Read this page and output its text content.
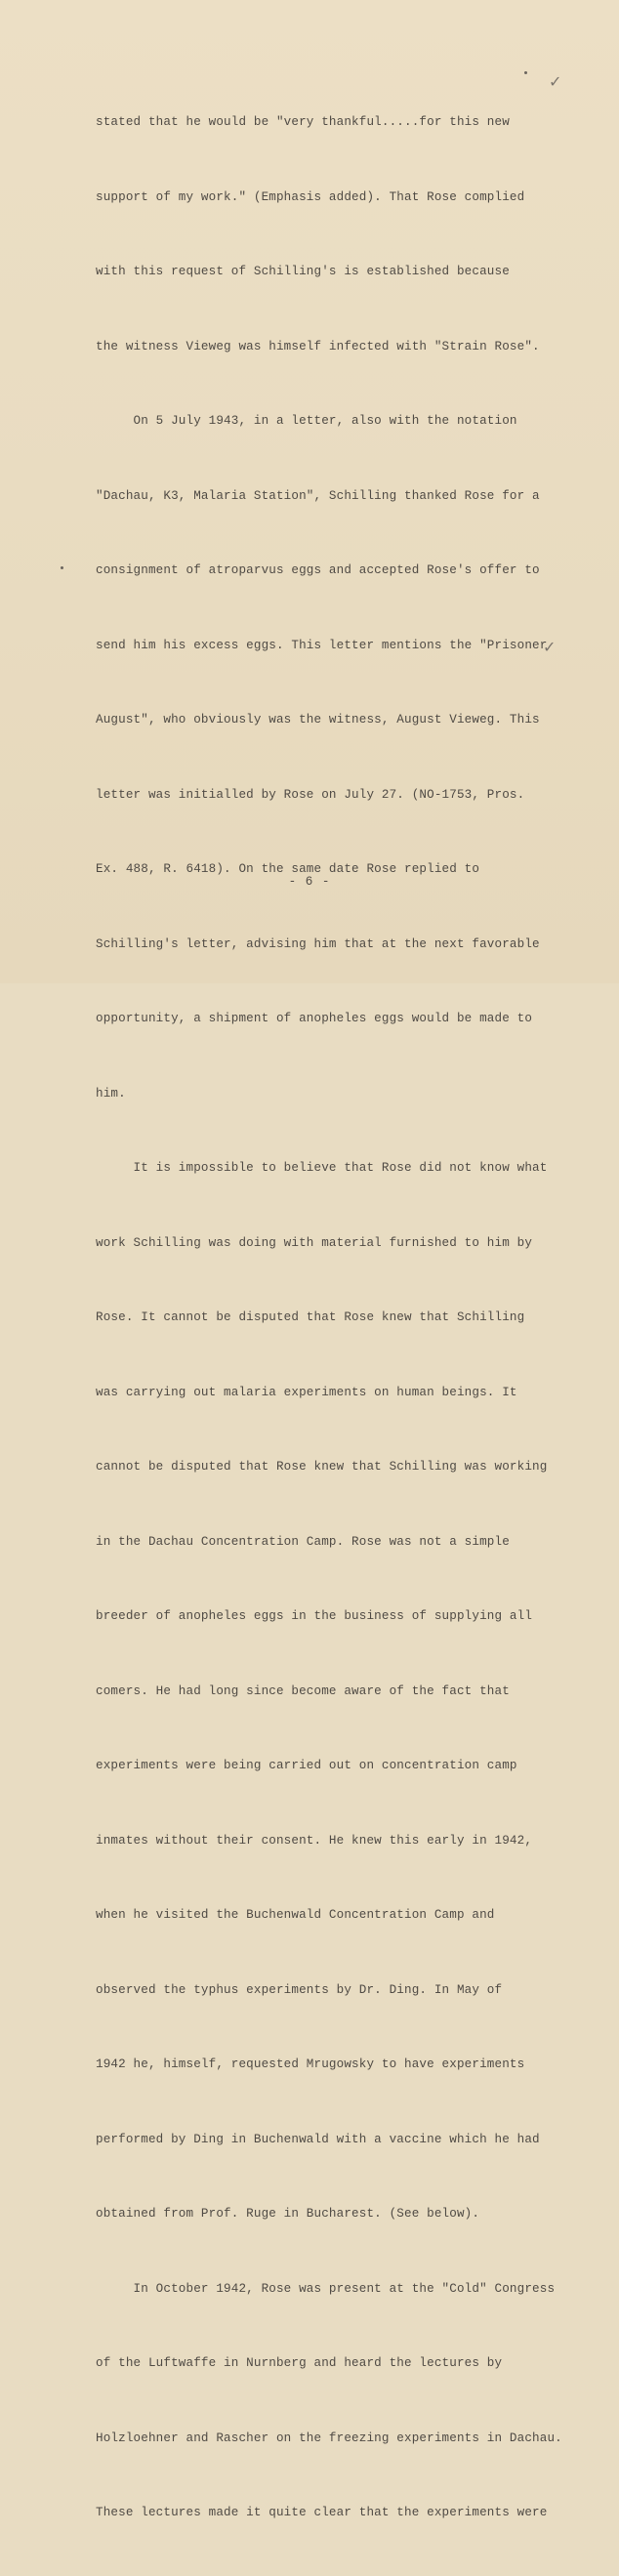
stated that he would be "very thankful.....for this new

support of my work." (Emphasis added). That Rose complied

with this request of Schilling's is established because

the witness Vieweg was himself infected with "Strain Rose".

On 5 July 1943, in a letter, also with the notation

"Dachau, K3, Malaria Station", Schilling thanked Rose for a

consignment of atroparvus eggs and accepted Rose's offer to

send him his excess eggs. This letter mentions the "Prisoner

August", who obviously was the witness, August Vieweg. This

letter was initialled by Rose on July 27. (NO-1753, Pros.

Ex. 488, R. 6418). On the same date Rose replied to

Schilling's letter, advising him that at the next favorable

opportunity, a shipment of anopheles eggs would be made to

him.

It is impossible to believe that Rose did not know what

work Schilling was doing with material furnished to him by

Rose. It cannot be disputed that Rose knew that Schilling

was carrying out malaria experiments on human beings. It

cannot be disputed that Rose knew that Schilling was working

in the Dachau Concentration Camp. Rose was not a simple

breeder of anopheles eggs in the business of supplying all

comers. He had long since become aware of the fact that

experiments were being carried out on concentration camp

inmates without their consent. He knew this early in 1942,

when he visited the Buchenwald Concentration Camp and

observed the typhus experiments by Dr. Ding. In May of

1942 he, himself, requested Mrugowsky to have experiments

performed by Ding in Buchenwald with a vaccine which he had

obtained from Prof. Ruge in Bucharest. (See below).

In October 1942, Rose was present at the "Cold" Congress

of the Luftwaffe in Nurnberg and heard the lectures by

Holzloehner and Rascher on the freezing experiments in Dachau.

These lectures made it quite clear that the experiments were

- 6 -
✓
✓
